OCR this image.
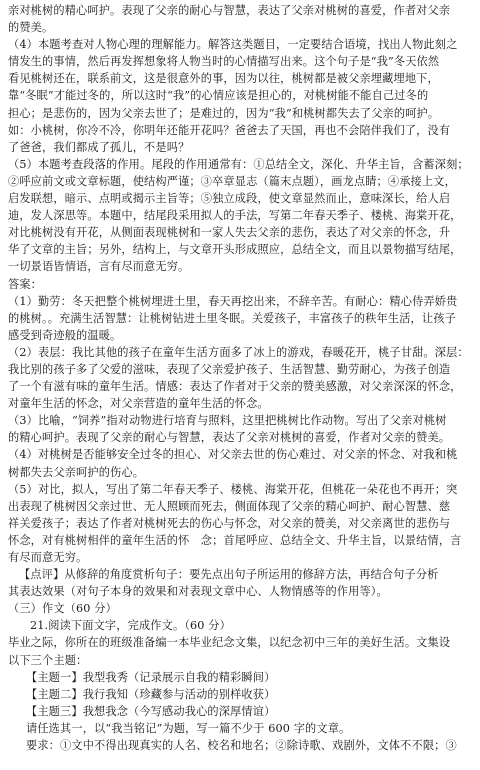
亲对桃树的精心呵护。表现了父亲的耐心与智慧，表达了父亲对桃树的喜爱，作者对父亲
的赞美。
（4）本题考查对人物心理的理解能力。解答这类题目，一定要结合语境，找出人物此刻之
情发生的事情，然后再发挥想象将人物当时的心情描写出来。这个句子是“我”冬天依然
看见桃树还在，联系前文，这是很意外的事，因为以往，桃树都是被父亲埋藏埋地下，
靠“冬眠”才能过冬的，所以这时“我”的心情应该是担心的，对桃树能不能自己过冬的
担心；是悲伤的，因为父亲去世了；是难过的，因为“我”和桃树都失去了父亲的呵护。
如：小桃树，你冷不冷，你明年还能开花吗？爸爸去了天国，再也不会陪伴我们了，没有
了爸爸，我们都成了孤儿，不是吗？
（5）本题考查段落的作用。尾段的作用通常有：①总结全文，深化、升华主旨，含蓄深刻；
②呼应前文或文章标题，使结构严谨；③卒章显志（篇末点题），画龙点睛；④承接上文，
启发联想，暗示、点明或揭示主旨等；⑤独立成段，使文章显然而止，意味深长，给人启
迪，发人深思等。本题中，结尾段采用拟人的手法，写第二年春天季子、楼桃、海棠开花，
对比桃树没有开花，从侧面表现桃树和一家人失去父亲的悲伤，表达了对父亲的怀念，升
华了文章的主旨；另外，结构上，与文章开头形成照应，总结全文，而且以景物描写结尾，
一切景语皆情语，言有尽而意无穷。
答案：
（1）勤劳：冬天把整个桃树埋进土里，春天再挖出来，不辞辛苦。有耐心：精心侍弄娇贵
的桃树。。充满生活智慧：让桃树钻进土里冬眠。关爱孩子，丰富孩子的秩年生活，让孩子
感受到奇迹般的温暖。
（2）表层：我比其他的孩子在童年生活方面多了冰上的游戏，春暖花开，桃子甘甜。深层：
我比别的孩子多了父爱的滋味，表现了父亲爱护孩子、生活智慧、勤劳耐心，为孩子创造
了一个有滋有味的童年生活。情感：表达了作者对于父亲的赞美感激，对父亲深深的怀念，
对童年生活的怀念，对父亲营造的童年生活的怀念。
（3）比喻，“饲养”指对动物进行培育与照料，这里把桃树比作动物。写出了父亲对桃树
的精心呵护。表现了父亲的耐心与智慧，表达了父亲对桃树的喜爱，作者对父亲的赞美。
（4）对桃树是否能够安全过冬的担心、对父亲去世的伤心难过、对父亲的怀念、对我和桃
树都失去父亲呵护的伤心。
（5）对比，拟人，写出了第二年春天季子、楼桃、海棠开花，但桃花一朵花也不再开；突
出表现了桃树因父亲过世、无人照顾而死去，侧面体现了父亲的精心呵护、耐心智慧、慈
祥关爱孩子；表达了作者对桃树死去的伤心与怀念，对父亲的赞美，对父亲离世的悲伤与
怀念，对有桃树相伴的童年生活的怀　念；首尾呼应、总结全文、升华主旨，以景结情，言
有尽而意无穷。
【点评】从修辞的角度赏析句子：要先点出句子所运用的修辞方法，再结合句子分析
其表达效果（对句子本身的效果和对表现文章中心、人物情感等的作用等）。
（三）作文（60 分）
21.阅读下面文字，完成作文。（60 分）
毕业之际，你所在的班级准备编一本毕业纪念文集，以纪念初中三年的美好生活。文集设
以下三个主题：
【主题一】我型我秀（记录展示自我的精彩瞬间）
【主题二】我行我知（珍藏参与活动的别样收获）
【主题三】我想我念（今写感动我心的深厚情谊）
请任选其一，以“我当铭记”为题，写一篇不少于 600 字的文章。
要求：①文中不得出现真实的人名、校名和地名；②除诗歌、戏剧外，文体不不限；③
